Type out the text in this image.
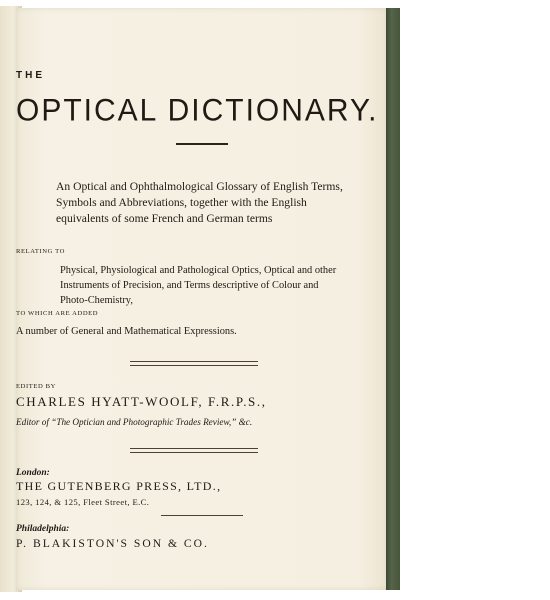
THE
OPTICAL DICTIONARY.
An Optical and Ophthalmological Glossary of English Terms, Symbols and Abbreviations, together with the English equivalents of some French and German terms
RELATING TO
Physical, Physiological and Pathological Optics, Optical and other Instruments of Precision, and Terms descriptive of Colour and Photo-Chemistry,
TO WHICH ARE ADDED
A number of General and Mathematical Expressions.
EDITED BY
CHARLES HYATT-WOOLF, F.R.P.S.,
Editor of “The Optician and Photographic Trades Review,” &c.
London:
THE GUTENBERG PRESS, LTD.,
123, 124, & 125, Fleet Street, E.C.
Philadelphia:
P. BLAKISTON'S SON & CO.
